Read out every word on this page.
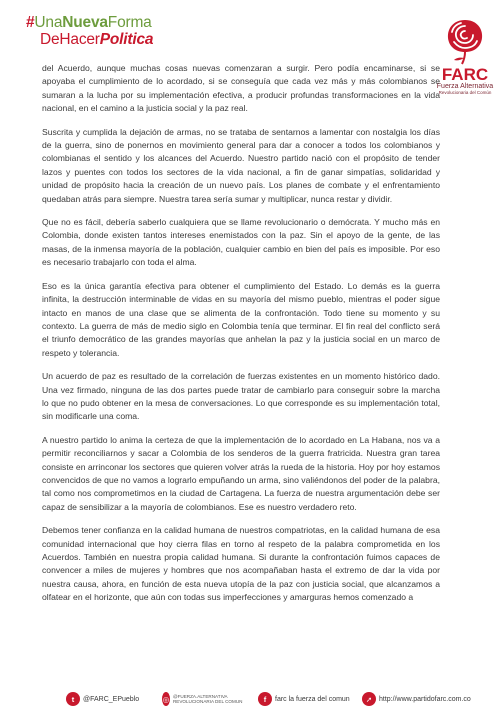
#UnaNuevaForma
DeHacerPolitica
FARC
Fuerza Alternativa
Revolucionaria del Común

del Acuerdo, aunque muchas cosas nuevas comenzaran a surgir. Pero podía encaminarse, si se apoyaba el cumplimiento de lo acordado, si se conseguía que cada vez más y más colombianos se sumaran a la lucha por su implementación efectiva, a producir profundas transformaciones en la vida nacional, en el camino a la justicia social y la paz real.

Suscrita y cumplida la dejación de armas, no se trataba de sentarnos a lamentar con nostalgia los días de la guerra, sino de ponernos en movimiento general para dar a conocer a todos los colombianos y colombianas el sentido y los alcances del Acuerdo. Nuestro partido nació con el propósito de tender lazos y puentes con todos los sectores de la vida nacional, a fin de ganar simpatías, solidaridad y unidad de propósito hacia la creación de un nuevo país. Los planes de combate y el enfrentamiento quedaban atrás para siempre. Nuestra tarea sería sumar y multiplicar, nunca restar y dividir.

Que no es fácil, debería saberlo cualquiera que se llame revolucionario o demócrata. Y mucho más en Colombia, donde existen tantos intereses enemistados con la paz. Sin el apoyo de la gente, de las masas, de la inmensa mayoría de la población, cualquier cambio en bien del país es imposible. Por eso es necesario trabajarlo con toda el alma.

Eso es la única garantía efectiva para obtener el cumplimiento del Estado. Lo demás es la guerra infinita, la destrucción interminable de vidas en su mayoría del mismo pueblo, mientras el poder sigue intacto en manos de una clase que se alimenta de la confrontación. Todo tiene su momento y su contexto. La guerra de más de medio siglo en Colombia tenía que terminar. El fin real del conflicto será el triunfo democrático de las grandes mayorías que anhelan la paz y la justicia social en un marco de respeto y tolerancia.

Un acuerdo de paz es resultado de la correlación de fuerzas existentes en un momento histórico dado. Una vez firmado, ninguna de las dos partes puede tratar de cambiarlo para conseguir sobre la marcha lo que no pudo obtener en la mesa de conversaciones. Lo que corresponde es su implementación total, sin modificarle una coma.

A nuestro partido lo anima la certeza de que la implementación de lo acordado en La Habana, nos va a permitir reconciliarnos y sacar a Colombia de los senderos de la guerra fratricida. Nuestra gran tarea consiste en arrinconar los sectores que quieren volver atrás la rueda de la historia. Hoy por hoy estamos convencidos de que no vamos a lograrlo empuñando un arma, sino valiéndonos del poder de la palabra, tal como nos comprometimos en la ciudad de Cartagena. La fuerza de nuestra argumentación debe ser capaz de sensibilizar a la mayoría de colombianos. Ese es nuestro verdadero reto.

Debemos tener confianza en la calidad humana de nuestros compatriotas, en la calidad humana de esa comunidad internacional que hoy cierra filas en torno al respeto de la palabra comprometida en los Acuerdos. También en nuestra propia calidad humana. Si durante la confrontación fuimos capaces de convencer a miles de mujeres y hombres que nos acompañaban hasta el extremo de dar la vida por nuestra causa, ahora, en función de esta nueva utopía de la paz con justicia social, que alcanzamos a olfatear en el horizonte, que aún con todas sus imperfecciones y amarguras hemos comenzado a

t	@FARC_EPueblo	◎ @FUERZA.ALTERNATIVA REVOLUCIONARIA DEL COMUN	f	farc la fuerza del comun	➚ http://www.partidofarc.com.co
